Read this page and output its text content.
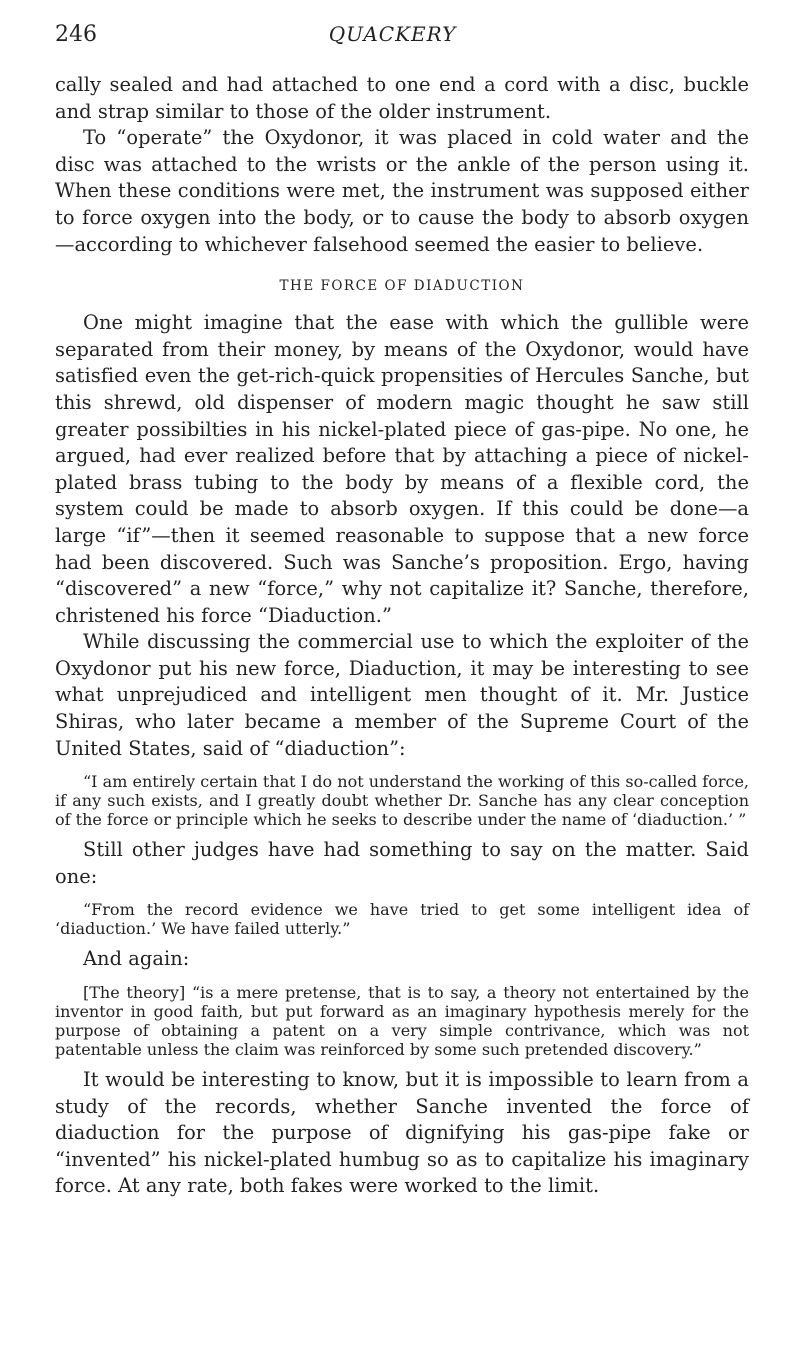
246	QUACKERY

cally sealed and had attached to one end a cord with a disc, buckle and strap similar to those of the older instrument.

To “operate” the Oxydonor, it was placed in cold water and the disc was attached to the wrists or the ankle of the person using it. When these conditions were met, the instrument was supposed either to force oxygen into the body, or to cause the body to absorb oxygen—according to whichever falsehood seemed the easier to believe.

THE FORCE OF DIADUCTION

One might imagine that the ease with which the gullible were separated from their money, by means of the Oxydonor, would have satisfied even the get-rich-quick propensities of Hercules Sanche, but this shrewd, old dispenser of modern magic thought he saw still greater possibilties in his nickel-plated piece of gas-pipe. No one, he argued, had ever realized before that by attaching a piece of nickel-plated brass tubing to the body by means of a flexible cord, the system could be made to absorb oxygen. If this could be done—a large “if”—then it seemed reasonable to suppose that a new force had been discovered. Such was Sanche’s proposition. Ergo, having “discovered” a new “force,” why not capitalize it? Sanche, therefore, christened his force “Diaduction.”

While discussing the commercial use to which the exploiter of the Oxydonor put his new force, Diaduction, it may be interesting to see what unprejudiced and intelligent men thought of it. Mr. Justice Shiras, who later became a member of the Supreme Court of the United States, said of “diaduction”:

“I am entirely certain that I do not understand the working of this so-called force, if any such exists, and I greatly doubt whether Dr. Sanche has any clear conception of the force or principle which he seeks to describe under the name of ‘diaduction.’ ”

Still other judges have had something to say on the matter. Said one:

“From the record evidence we have tried to get some intelligent idea of ‘diaduction.’ We have failed utterly.”

And again:

[The theory] “is a mere pretense, that is to say, a theory not entertained by the inventor in good faith, but put forward as an imaginary hypothesis merely for the purpose of obtaining a patent on a very simple contrivance, which was not patentable unless the claim was reinforced by some such pretended discovery.”

It would be interesting to know, but it is impossible to learn from a study of the records, whether Sanche invented the force of diaduction for the purpose of dignifying his gas-pipe fake or “invented” his nickel-plated humbug so as to capitalize his imaginary force. At any rate, both fakes were worked to the limit.
